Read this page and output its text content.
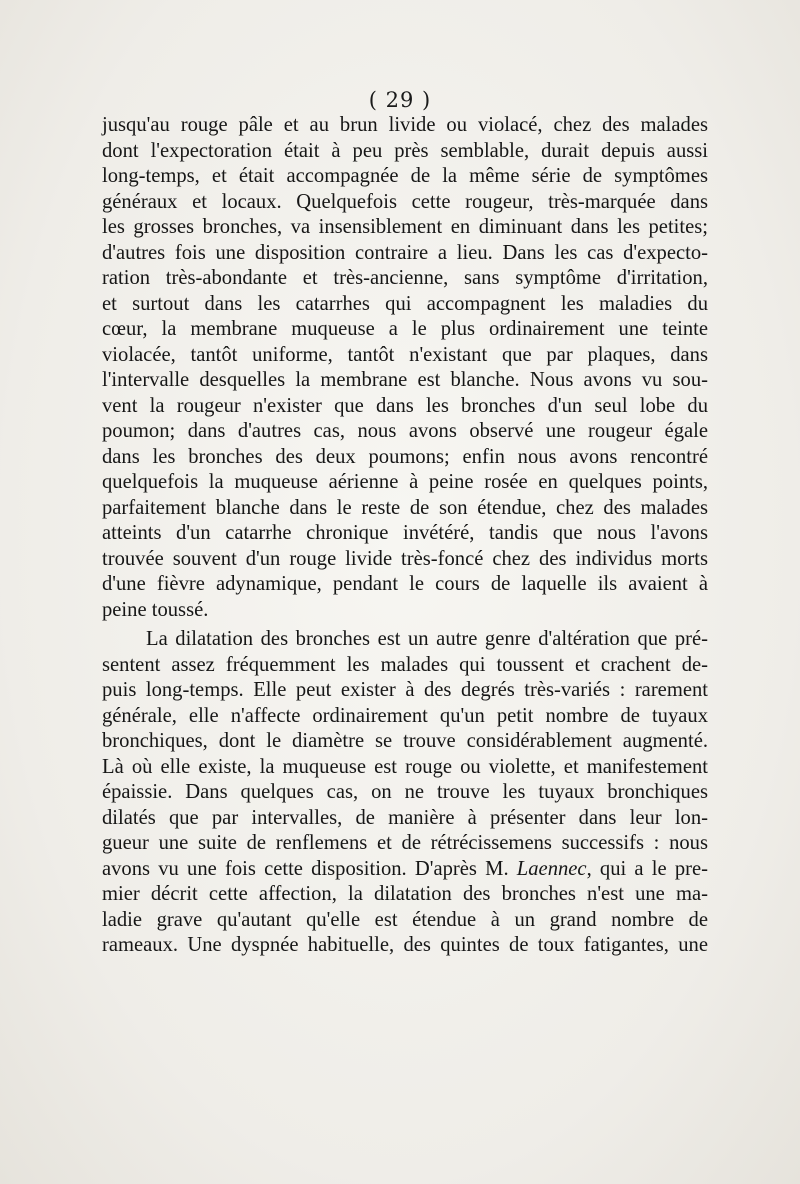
( 29 )
jusqu'au rouge pâle et au brun livide ou violacé, chez des malades
dont l'expectoration était à peu près semblable, durait depuis aussi
long-temps, et était accompagnée de la même série de symptômes
généraux et locaux. Quelquefois cette rougeur, très-marquée dans
les grosses bronches, va insensiblement en diminuant dans les petites;
d'autres fois une disposition contraire a lieu. Dans les cas d'expecto-
ration très-abondante et très-ancienne, sans symptôme d'irritation,
et surtout dans les catarrhes qui accompagnent les maladies du
cœur, la membrane muqueuse a le plus ordinairement une teinte
violacée, tantôt uniforme, tantôt n'existant que par plaques, dans
l'intervalle desquelles la membrane est blanche. Nous avons vu sou-
vent la rougeur n'exister que dans les bronches d'un seul lobe du
poumon; dans d'autres cas, nous avons observé une rougeur égale
dans les bronches des deux poumons; enfin nous avons rencontré
quelquefois la muqueuse aérienne à peine rosée en quelques points,
parfaitement blanche dans le reste de son étendue, chez des malades
atteints d'un catarrhe chronique invétéré, tandis que nous l'avons
trouvée souvent d'un rouge livide très-foncé chez des individus morts
d'une fièvre adynamique, pendant le cours de laquelle ils avaient à
peine toussé.
La dilatation des bronches est un autre genre d'altération que pré-
sentent assez fréquemment les malades qui toussent et crachent de-
puis long-temps. Elle peut exister à des degrés très-variés : rarement
générale, elle n'affecte ordinairement qu'un petit nombre de tuyaux
bronchiques, dont le diamètre se trouve considérablement augmenté.
Là où elle existe, la muqueuse est rouge ou violette, et manifestement
épaissie. Dans quelques cas, on ne trouve les tuyaux bronchiques
dilatés que par intervalles, de manière à présenter dans leur lon-
gueur une suite de renflemens et de rétrécissemens successifs : nous
avons vu une fois cette disposition. D'après M. Laennec, qui a le pre-
mier décrit cette affection, la dilatation des bronches n'est une ma-
ladie grave qu'autant qu'elle est étendue à un grand nombre de
rameaux. Une dyspnée habituelle, des quintes de toux fatigantes, une
